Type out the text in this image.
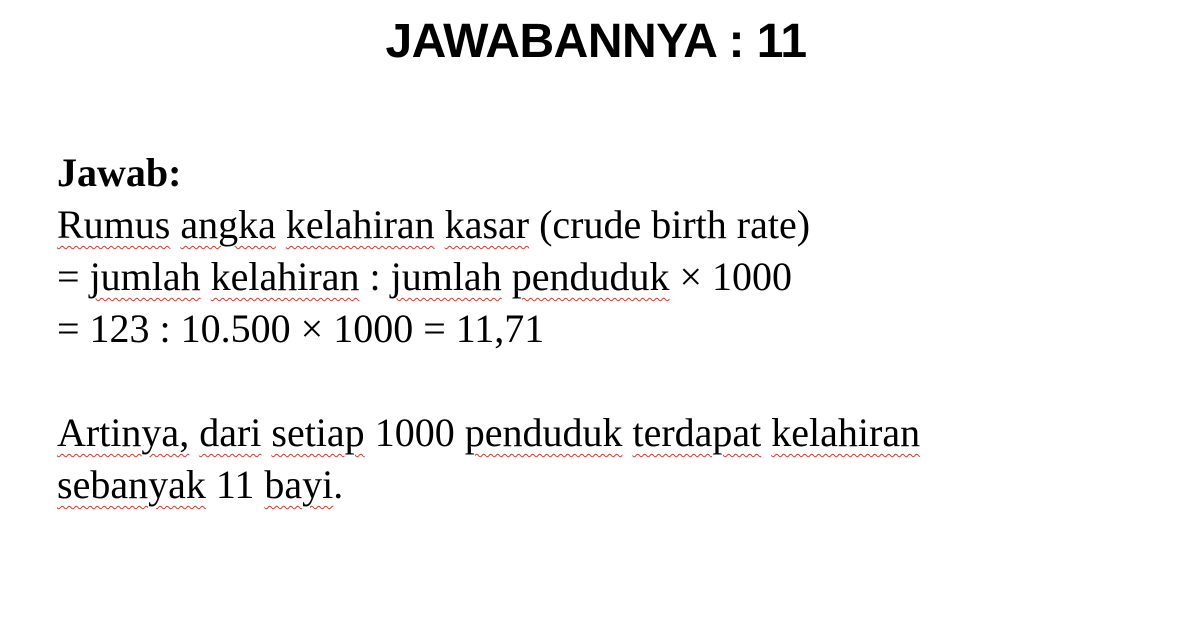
JAWABANNYA : 11
Jawab:
Rumus angka kelahiran kasar (crude birth rate)
= jumlah kelahiran : jumlah penduduk × 1000
= 123 : 10.500 × 1000 = 11,71
Artinya, dari setiap 1000 penduduk terdapat kelahiran
sebanyak 11 bayi.
